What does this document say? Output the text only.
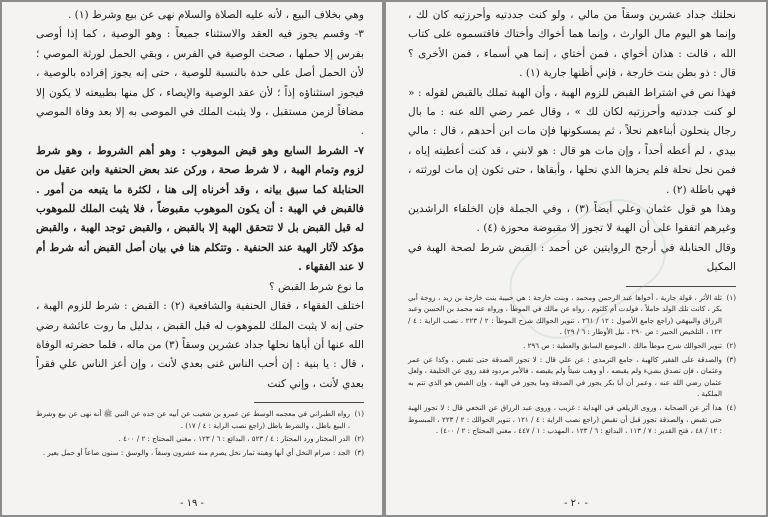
وهي بخلاف البيع ، لأنه عليه الصلاة والسلام نهى عن بيع وشرط (١) .

٣- وقسم يجوز فيه العقد والاستثناء جميعاً : وهو الوصية ، كما إذا أوصى بفرس إلا حملها ، صحت الوصية في الفرس ، وبقي الحمل لورثة الموصي ؛ لأن الحمل أصل على حدة بالنسبة للوصية ، حتى إنه يجوز إفراده بالوصية ، فيجوز استثناؤه إذاً ؛ لأن عقد الوصية والإيصاء ، كل منها بطبيعته لا يكون إلا مضافاً لزمن مستقبل ، ولا يثبت الملك في الموصى به إلا بعد وفاة الموصي .

٧- الشرط السابع وهو قبض الموهوب : وهو أهم الشروط ، وهو شرط لزوم وتمام الهبة ، لا شرط صحة ، وركن عند بعض الحنفية وابن عقيل من الحنابلة كما سبق بيانه ، وقد أخرناه إلى هنا ، لكثرة ما يتبعه من أمور . فالقبض في الهبة : أن يكون الموهوب مقبوضاً ، فلا يثبت الملك للموهوب له قبل القبض بل لا تتحقق الهبة إلا بالقبض ، والقبض توجد الهبة ، والقبض مؤكد لآثار الهبة عند الحنفية . وتتكلم هنا في بيان أصل القبض أنه شرط أم لا عند الفقهاء .

ما نوع شرط القبض ؟

اختلف الفقهاء ، فقال الحنفية والشافعية (٢) : القبض : شرط للزوم الهبة ، حتى إنه لا يثبت الملك للموهوب له قبل القبض ، بدليل ما روت عائشة رضي الله عنها أن أباها نحلها جداد عشرين وسقاً (٣) من ماله ، فلما حضرته الوفاة ، قال : يا بنية : إن أحب الناس غنى بعدي لأنت ، وإن أعز الناس علي فقراً بعدي لأنت ، وإني كنت

(١)
رواه الطبراني في معجمه الوسط عن عمرو بن شعيب عن أبيه عن جده عن النبي ﷺ أنه نهى عن بيع وشرط ، البيع باطل ، والشرط باطل (راجع نصب الراية : ٤ / ١٧) .
(٢)
الدر المختار ورد المحتار : ٤ / ٥٢٣ ، البدائع : ٦ / ١٢٣ ، مغني المحتاج : ٢ / ٤٠٠ .
(٣)
الجد : صرام النخل أي أنها وهبته ثمار نخل يصرم منه عشرون وسقاً ، والوسق : ستون صاعاً أو حمل بعير .
- ١٩ -

نحلتك جداد عشرين وسقاً من مالي ، ولو كنت جددتيه وأحرزتيه كان لك ، وإنما هو اليوم مال الوارث ، وإنما هما أخواك وأختاك فاقتسموه على كتاب الله ، قالت : هذان أخواي ، فمن أختاي ، إنما هي أسماء ، فمن الأخرى ؟ قال : ذو بطن بنت خارجة ، فإني أظنها جارية (١) .

فهذا نص في اشتراط القبض للزوم الهبة ، وأن الهبة تملك بالقبض لقوله : « لو كنت جددتيه وأحرزتيه لكان لك » ، وقال عمر رضي الله عنه : ما بال رجال ينحلون أبناءهم نحلاً ، ثم يمسكونها فإن مات ابن أحدهم ، قال : مالي بيدي ، لم أعطه أحداً ، وإن مات هو قال : هو لابني ، قد كنت أعطيته إياه ، فمن نحل نحلة فلم يحزها الذي نحلها ، وأبقاها ، حتى تكون إن مات لورثته ، فهي باطلة (٢) .

وهذا هو قول عثمان وعلي أيضاً (٣) ، وفي الجملة فإن الخلفاء الراشدين وغيرهم اتفقوا على أن الهبة لا تجوز إلا مقبوضة محوزة (٤) .

وقال الحنابلة في أرجح الروايتين عن أحمد : القبض شرط لصحة الهبة في المكيل

(١)
ثلة الأثر ، قولة جارية ، أخواها عبد الرحمن ومحمد ، وبنت خارجة : هي حبيبة بنت خارجة بن زيد ، زوجة أبي بكر ، كانت تلك الولد حاملاً ، فولدت أم كلثوم ، رواه عن مالك في الموطأ ، ورواه عنه محمد بن الحسن وعبد الرزاق والبيهقي (راجع جامع الأصول : ١٢ / ٢٦١ ، تنوير الحوالك شرح الموطأ : ٢ / ٢٢٣ ، نصب الراية : ٤ / ١٢٢ ، التلخيص الحبير : ص ٢٩٠ ، نيل الأوطار : ٦ / ٢٩) .
(٢)
تنوير الحوالك شرح موطأ مالك ، الموضع السابق والعطية : ص ٢٩٦ .
(٣)
والصدقة على الفقير كالهبة ، جامع الترمذي : عن علي قال : لا تجوز الصدقة حتى تقبض ، وكذا عن عمر وعثمان ، فإن تصدق بشيء ولم يقبضه ، أو وهب شيئاً ولم يقبضه ، فالأمر مردود فقد روي عن الخليفة ، ولعل عثمان رضي الله عنه ، وعمر أن أبا بكر يجوز في الصدقة وما يجوز في الهبة ، وإن القبض هو الذي تتم به الملكية .
(٤)
هذا أثر عن الصحابة ، وروى الزيلعي في الهداية : غريب ، وروى عبد الرزاق عن النخعي قال : لا تجوز الهبة حتى تقبض ، والصدقة تجوز قبل أن تقبض (راجع نصب الراية : ٤ / ١٢١ ، تنوير الحوالك : ٢ / ٢٢٣ ، المبسوط : ١٢ / ٤٨ ، فتح القدير : ٧ / ١١٣ ، البدائع : ٦ / ١٢٣ ، المهذب : ١ / ٤٤٧ ، مغني المحتاج : ٢ / ٤٠٠) .
- ٢٠ -
